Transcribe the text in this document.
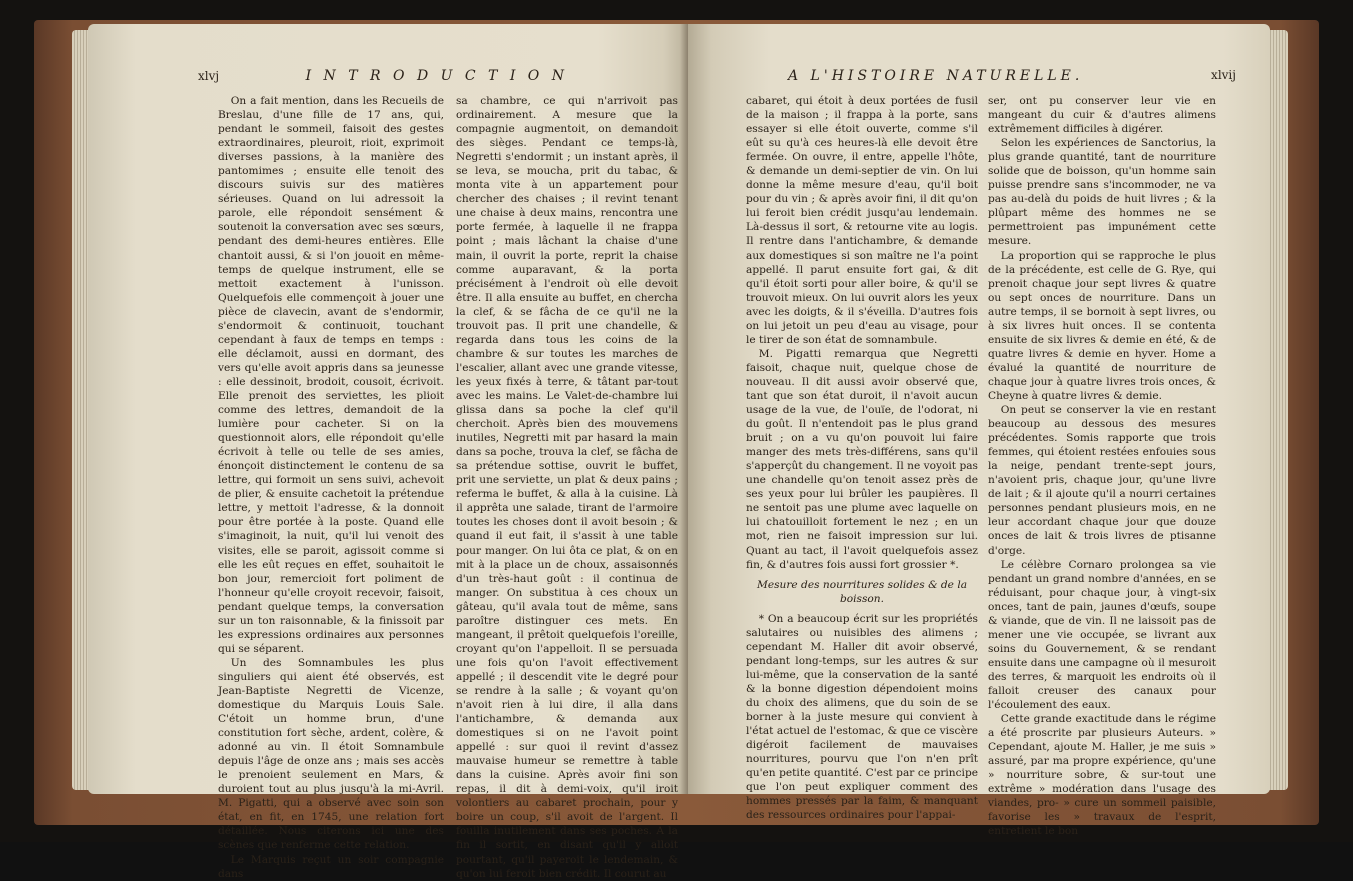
xlvj	I N T R O D U C T I O N

On a fait mention, dans les Recueils de Breslau, d'une fille de 17 ans, qui, pendant le sommeil, faisoit des gestes extraordinaires, pleuroit, rioit, exprimoit diverses passions, à la manière des pantomimes ; ensuite elle tenoit des discours suivis sur des matières sérieuses. Quand on lui adressoit la parole, elle répondoit sensément & soutenoit la conversation avec ses sœurs, pendant des demi-heures entières. Elle chantoit aussi, & si l'on jouoit en même-temps de quelque instrument, elle se mettoit exactement à l'unisson. Quelquefois elle commençoit à jouer une pièce de clavecin, avant de s'endormir, s'endormoit & continuoit, touchant cependant à faux de temps en temps : elle déclamoit, aussi en dormant, des vers qu'elle avoit appris dans sa jeunesse : elle dessinoit, brodoit, cousoit, écrivoit. Elle prenoit des serviettes, les plioit comme des lettres, demandoit de la lumière pour cacheter. Si on la questionnoit alors, elle répondoit qu'elle écrivoit à telle ou telle de ses amies, énonçoit distinctement le contenu de sa lettre, qui formoit un sens suivi, achevoit de plier, & ensuite cachetoit la prétendue lettre, y mettoit l'adresse, & la donnoit pour être portée à la poste. Quand elle s'imaginoit, la nuit, qu'il lui venoit des visites, elle se paroit, agissoit comme si elle les eût reçues en effet, souhaitoit le bon jour, remercioit fort poliment de l'honneur qu'elle croyoit recevoir, faisoit, pendant quelque temps, la conversation sur un ton raisonnable, & la finissoit par les expressions ordinaires aux personnes qui se séparent.

Un des Somnambules les plus singuliers qui aient été observés, est Jean-Baptiste Negretti de Vicenze, domestique du Marquis Louis Sale. C'étoit un homme brun, d'une constitution fort sèche, ardent, colère, & adonné au vin. Il étoit Somnambule depuis l'âge de onze ans ; mais ses accès le prenoient seulement en Mars, & duroient tout au plus jusqu'à la mi-Avril. M. Pigatti, qui a observé avec soin son état, en fit, en 1745, une relation fort détaillée. Nous citerons ici une des scènes que renferme cette relation.

Le Marquis reçut un soir compagnie dans

sa chambre, ce qui n'arrivoit pas ordinairement. A mesure que la compagnie augmentoit, on demandoit des sièges. Pendant ce temps-là, Negretti s'endormit ; un instant après, il se leva, se moucha, prit du tabac, & monta vite à un appartement pour chercher des chaises ; il revint tenant une chaise à deux mains, rencontra une porte fermée, à laquelle il ne frappa point ; mais lâchant la chaise d'une main, il ouvrit la porte, reprit la chaise comme auparavant, & la porta précisément à l'endroit où elle devoit être. Il alla ensuite au buffet, en chercha la clef, & se fâcha de ce qu'il ne la trouvoit pas. Il prit une chandelle, & regarda dans tous les coins de la chambre & sur toutes les marches de l'escalier, allant avec une grande vitesse, les yeux fixés à terre, & tâtant par-tout avec les mains. Le Valet-de-chambre lui glissa dans sa poche la clef qu'il cherchoit. Après bien des mouvemens inutiles, Negretti mit par hasard la main dans sa poche, trouva la clef, se fâcha de sa prétendue sottise, ouvrit le buffet, prit une serviette, un plat & deux pains ; referma le buffet, & alla à la cuisine. Là il apprêta une salade, tirant de l'armoire toutes les choses dont il avoit besoin ; & quand il eut fait, il s'assit à une table pour manger. On lui ôta ce plat, & on en mit à la place un de choux, assaisonnés d'un très-haut goût : il continua de manger. On substitua à ces choux un gâteau, qu'il avala tout de même, sans paroître distinguer ces mets. En mangeant, il prêtoit quelquefois l'oreille, croyant qu'on l'appelloit. Il se persuada une fois qu'on l'avoit effectivement appellé ; il descendit vite le degré pour se rendre à la salle ; & voyant qu'on n'avoit rien à lui dire, il alla dans l'antichambre, & demanda aux domestiques si on ne l'avoit point appellé : sur quoi il revint d'assez mauvaise humeur se remettre à table dans la cuisine. Après avoir fini son repas, il dit à demi-voix, qu'il iroit volontiers au cabaret prochain, pour y boire un coup, s'il avoit de l'argent. Il fouilla inutilement dans ses poches. A la fin il sortit, en disant qu'il y alloit pourtant, qu'il payeroit le lendemain, & qu'on lui feroit bien crédit. Il courut au

A L'HISTOIRE NATURELLE.	xlvij

cabaret, qui étoit à deux portées de fusil de la maison ; il frappa à la porte, sans essayer si elle étoit ouverte, comme s'il eût su qu'à ces heures-là elle devoit être fermée. On ouvre, il entre, appelle l'hôte, & demande un demi-septier de vin. On lui donne la même mesure d'eau, qu'il boit pour du vin ; & après avoir fini, il dit qu'on lui feroit bien crédit jusqu'au lendemain. Là-dessus il sort, & retourne vite au logis. Il rentre dans l'antichambre, & demande aux domestiques si son maître ne l'a point appellé. Il parut ensuite fort gai, & dit qu'il étoit sorti pour aller boire, & qu'il se trouvoit mieux. On lui ouvrit alors les yeux avec les doigts, & il s'éveilla. D'autres fois on lui jetoit un peu d'eau au visage, pour le tirer de son état de somnambule.

M. Pigatti remarqua que Negretti faisoit, chaque nuit, quelque chose de nouveau. Il dit aussi avoir observé que, tant que son état duroit, il n'avoit aucun usage de la vue, de l'ouïe, de l'odorat, ni du goût. Il n'entendoit pas le plus grand bruit ; on a vu qu'on pouvoit lui faire manger des mets très-différens, sans qu'il s'apperçût du changement. Il ne voyoit pas une chandelle qu'on tenoit assez près de ses yeux pour lui brûler les paupières. Il ne sentoit pas une plume avec laquelle on lui chatouilloit fortement le nez ; en un mot, rien ne faisoit impression sur lui. Quant au tact, il l'avoit quelquefois assez fin, & d'autres fois aussi fort grossier *.

Mesure des nourritures solides & de la boisson.

* On a beaucoup écrit sur les propriétés salutaires ou nuisibles des alimens ; cependant M. Haller dit avoir observé, pendant long-temps, sur les autres & sur lui-même, que la conservation de la santé & la bonne digestion dépendoient moins du choix des alimens, que du soin de se borner à la juste mesure qui convient à l'état actuel de l'estomac, & que ce viscère digéroit facilement de mauvaises nourritures, pourvu que l'on n'en prît qu'en petite quantité. C'est par ce principe que l'on peut expliquer comment des hommes pressés par la faim, & manquant des ressources ordinaires pour l'appai-

ser, ont pu conserver leur vie en mangeant du cuir & d'autres alimens extrêmement difficiles à digérer.

Selon les expériences de Sanctorius, la plus grande quantité, tant de nourriture solide que de boisson, qu'un homme sain puisse prendre sans s'incommoder, ne va pas au-delà du poids de huit livres ; & la plûpart même des hommes ne se permettroient pas impunément cette mesure.

La proportion qui se rapproche le plus de la précédente, est celle de G. Rye, qui prenoit chaque jour sept livres & quatre ou sept onces de nourriture. Dans un autre temps, il se bornoit à sept livres, ou à six livres huit onces. Il se contenta ensuite de six livres & demie en été, & de quatre livres & demie en hyver. Home a évalué la quantité de nourriture de chaque jour à quatre livres trois onces, & Cheyne à quatre livres & demie.

On peut se conserver la vie en restant beaucoup au dessous des mesures précédentes. Somis rapporte que trois femmes, qui étoient restées enfouies sous la neige, pendant trente-sept jours, n'avoient pris, chaque jour, qu'une livre de lait ; & il ajoute qu'il a nourri certaines personnes pendant plusieurs mois, en ne leur accordant chaque jour que douze onces de lait & trois livres de ptisanne d'orge.

Le célèbre Cornaro prolongea sa vie pendant un grand nombre d'années, en se réduisant, pour chaque jour, à vingt-six onces, tant de pain, jaunes d'œufs, soupe & viande, que de vin. Il ne laissoit pas de mener une vie occupée, se livrant aux soins du Gouvernement, & se rendant ensuite dans une campagne où il mesuroit des terres, & marquoit les endroits où il falloit creuser des canaux pour l'écoulement des eaux.

Cette grande exactitude dans le régime a été proscrite par plusieurs Auteurs. » Cependant, ajoute M. Haller, je me suis » assuré, par ma propre expérience, qu'une » nourriture sobre, & sur-tout une extrême » modération dans l'usage des viandes, pro- » cure un sommeil paisible, favorise les » travaux de l'esprit, entretient le bon
